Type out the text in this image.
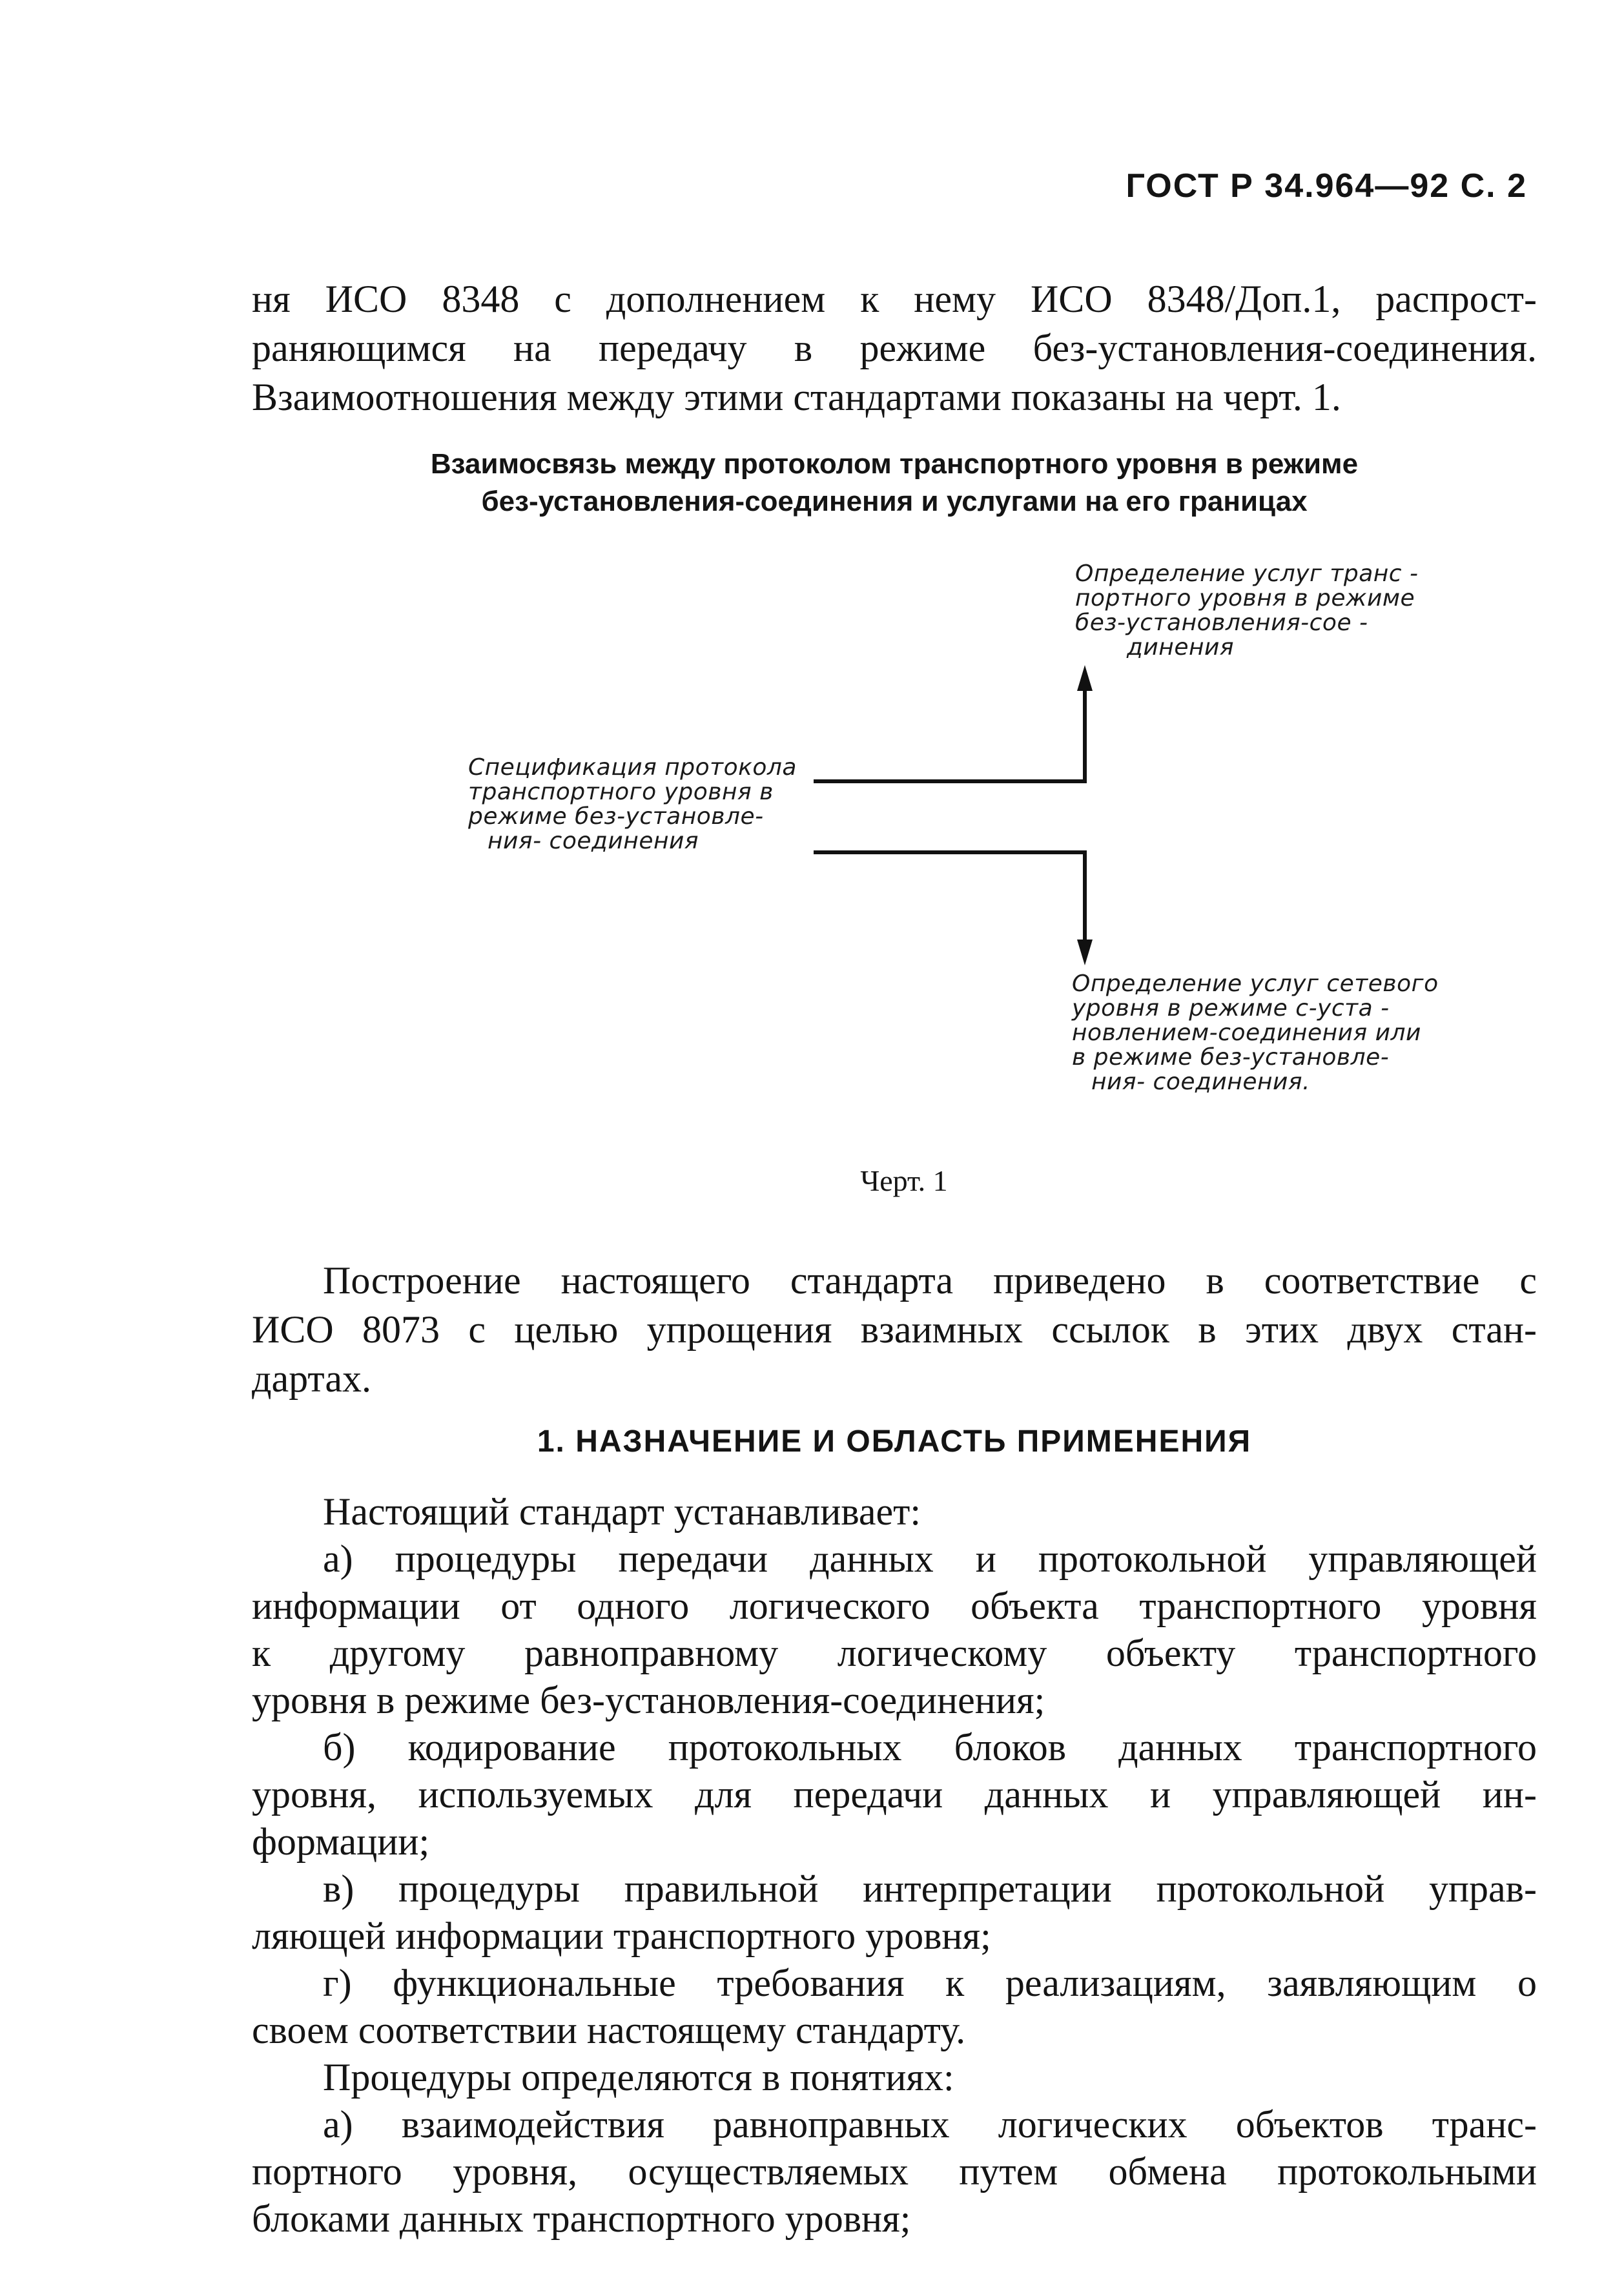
ГОСТ Р 34.964—92 С. 2
ня ИСО 8348 с дополнением к нему ИСО 8348/Доп.1, распрост-
раняющимся на передачу в режиме без-установления-соединения.
Взаимоотношения между этими стандартами показаны на черт. 1.
Взаимосвязь между протоколом транспортного уровня в режиме
без-установления-соединения и услугами на его границах
Определение услуг транс -
портного уровня в режиме
без-установления-сое -
динения
Спецификация протокола
транспортного уровня в
режиме без-установле-
ния- соединения
Определение услуг сетевого
уровня в режиме с-уста -
новлением-соединения или
в режиме без-установле-
ния- соединения.
Черт. 1
Построение настоящего стандарта приведено в соответствие с
ИСО 8073 с целью упрощения взаимных ссылок в этих двух стан-
дартах.
1. НАЗНАЧЕНИЕ И ОБЛАСТЬ ПРИМЕНЕНИЯ
Настоящий стандарт устанавливает:
а) процедуры передачи данных и протокольной управляющей
информации от одного логического объекта транспортного уровня
к другому равноправному логическому объекту транспортного
уровня в режиме без-установления-соединения;
б) кодирование протокольных блоков данных транспортного
уровня, используемых для передачи данных и управляющей ин-
формации;
в) процедуры правильной интерпретации протокольной управ-
ляющей информации транспортного уровня;
г) функциональные требования к реализациям, заявляющим о
своем соответствии настоящему стандарту.
Процедуры определяются в понятиях:
а) взаимодействия равноправных логических объектов транс-
портного уровня, осуществляемых путем обмена протокольными
блоками данных транспортного уровня;
